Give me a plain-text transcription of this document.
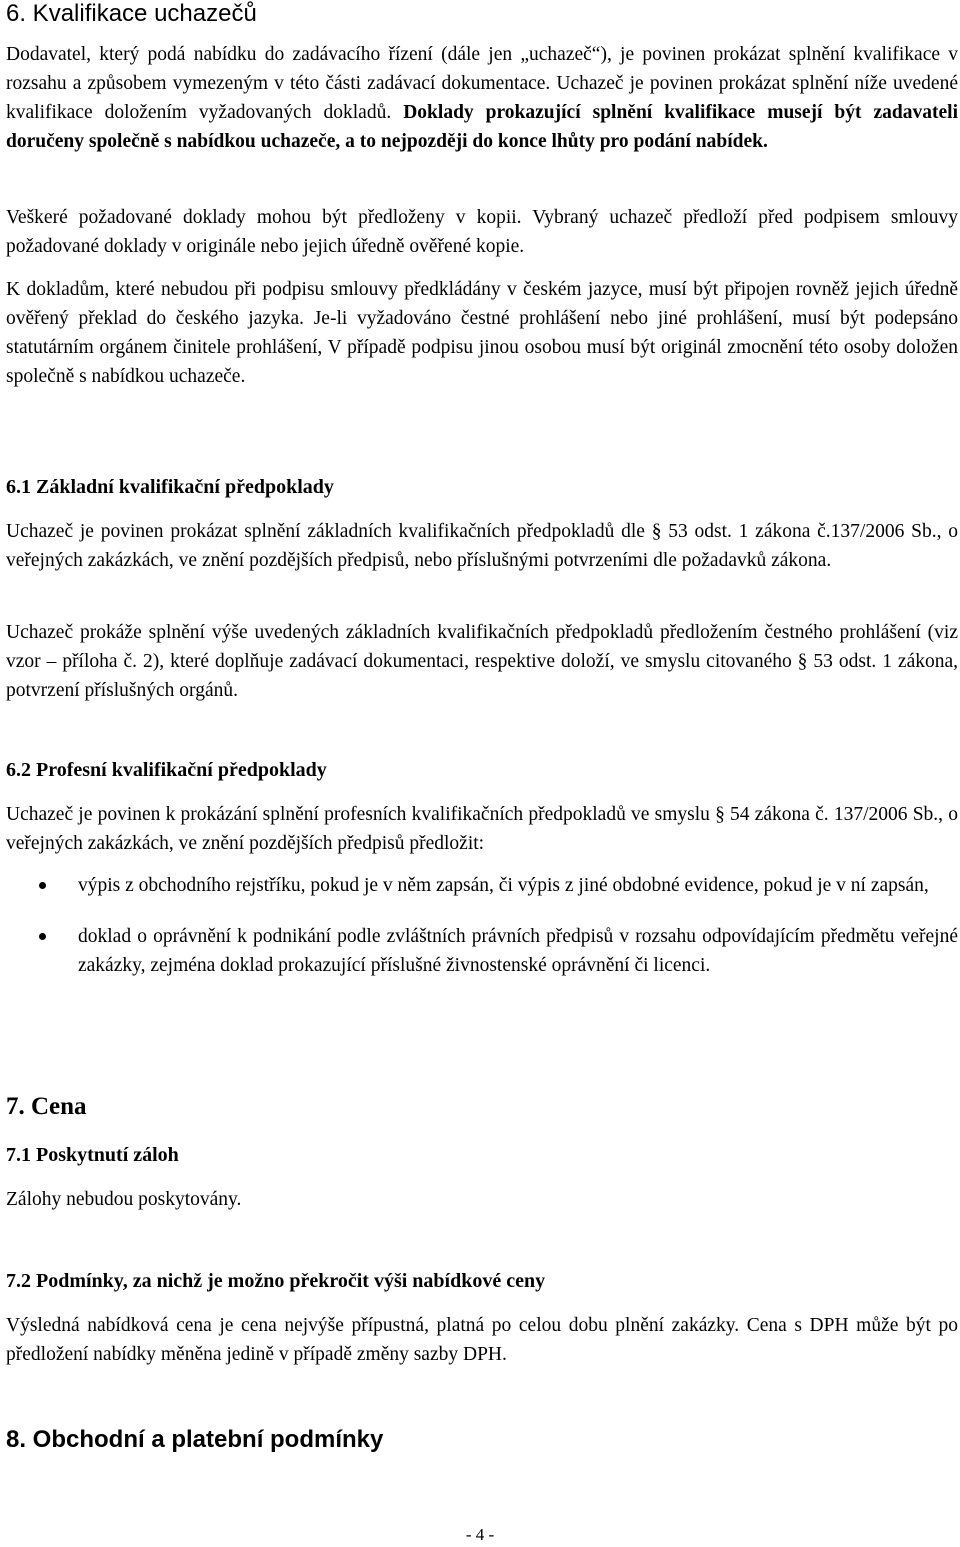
6. Kvalifikace uchazečů

Dodavatel, který podá nabídku do zadávacího řízení (dále jen „uchazeč“), je povinen prokázat splnění kvalifikace v rozsahu a způsobem vymezeným v této části zadávací dokumentace. Uchazeč je povinen prokázat splnění níže uvedené kvalifikace doložením vyžadovaných dokladů. Doklady prokazující splnění kvalifikace musejí být zadavateli doručeny společně s nabídkou uchazeče, a to nejpozději do konce lhůty pro podání nabídek.

Veškeré požadované doklady mohou být předloženy v kopii. Vybraný uchazeč předloží před podpisem smlouvy požadované doklady v originále nebo jejich úředně ověřené kopie.

K dokladům, které nebudou při podpisu smlouvy předkládány v českém jazyce, musí být připojen rovněž jejich úředně ověřený překlad do českého jazyka. Je-li vyžadováno čestné prohlášení nebo jiné prohlášení, musí být podepsáno statutárním orgánem činitele prohlášení, V případě podpisu jinou osobou musí být originál zmocnění této osoby doložen společně s nabídkou uchazeče.

6.1 Základní kvalifikační předpoklady

Uchazeč je povinen prokázat splnění základních kvalifikačních předpokladů dle § 53 odst. 1 zákona č.137/2006 Sb., o veřejných zakázkách, ve znění pozdějších předpisů, nebo příslušnými potvrzeními dle požadavků zákona.

Uchazeč prokáže splnění výše uvedených základních kvalifikačních předpokladů předložením čestného prohlášení (viz vzor – příloha č. 2), které doplňuje zadávací dokumentaci, respektive doloží, ve smyslu citovaného § 53 odst. 1 zákona, potvrzení příslušných orgánů.

6.2 Profesní kvalifikační předpoklady

Uchazeč je povinen k prokázání splnění profesních kvalifikačních předpokladů ve smyslu § 54 zákona č. 137/2006 Sb., o veřejných zakázkách, ve znění pozdějších předpisů předložit:

výpis z obchodního rejstříku, pokud je v něm zapsán, či výpis z jiné obdobné evidence, pokud je v ní zapsán,
doklad o oprávnění k podnikání podle zvláštních právních předpisů v rozsahu odpovídajícím předmětu veřejné zakázky, zejména doklad prokazující příslušné živnostenské oprávnění či licenci.
7. Cena
7.1 Poskytnutí záloh

Zálohy nebudou poskytovány.

7.2 Podmínky, za nichž je možno překročit výši nabídkové ceny

Výsledná nabídková cena je cena nejvýše přípustná, platná po celou dobu plnění zakázky. Cena s DPH může být po předložení nabídky měněna jedině v případě změny sazby DPH.

8. Obchodní a platební podmínky
- 4 -
